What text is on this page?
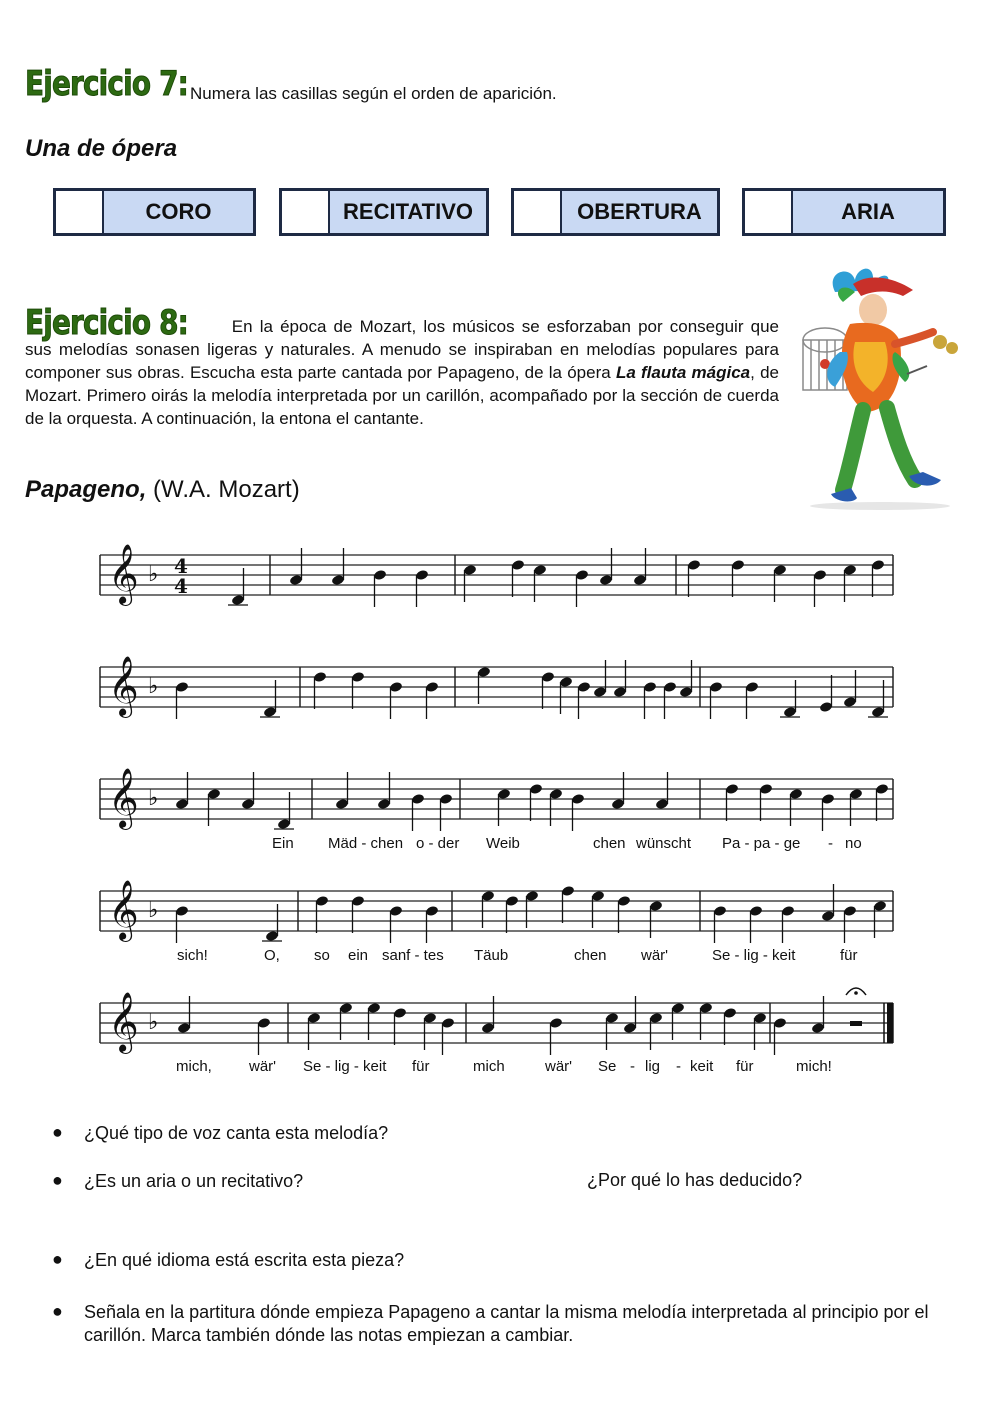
Ejercicio 7: Numera las casillas según el orden de aparición.
Una de ópera
CORO	RECITATIVO	OBERTURA	ARIA
Ejercicio 8:	En la época de Mozart, los músicos se esforzaban por conseguir que sus melodías sonasen ligeras y naturales. A menudo se inspiraban en melodías populares para componer sus obras. Escucha esta parte cantada por Papageno, de la ópera La flauta mágica, de Mozart. Primero oirás la melodía interpretada por un carillón, acompañado por la sección de cuerda de la orquesta. A continuación, la entona el cantante.
Papageno, (W.A. Mozart)
𝄞 ♭ 4
4
𝄞 ♭
𝄞 ♭
𝄞 ♭
𝄞 ♭
Ein Mäd - chen o - der Weib	chen wünscht Pa - pa - ge - no
sich!	O, so ein sanf - tes Täub	chen wär'	Se - lig - keit	für
mich, wär' Se - lig - keit für	mich	wär' Se - lig - keit für	mich!
● ¿Qué tipo de voz canta esta melodía?
● ¿Es un aria o un recitativo?	¿Por qué lo has deducido?
● ¿En qué idioma está escrita esta pieza?
● Señala en la partitura dónde empieza Papageno a cantar la misma melodía interpretada al principio por el carillón. Marca también dónde las notas empiezan a cambiar.
